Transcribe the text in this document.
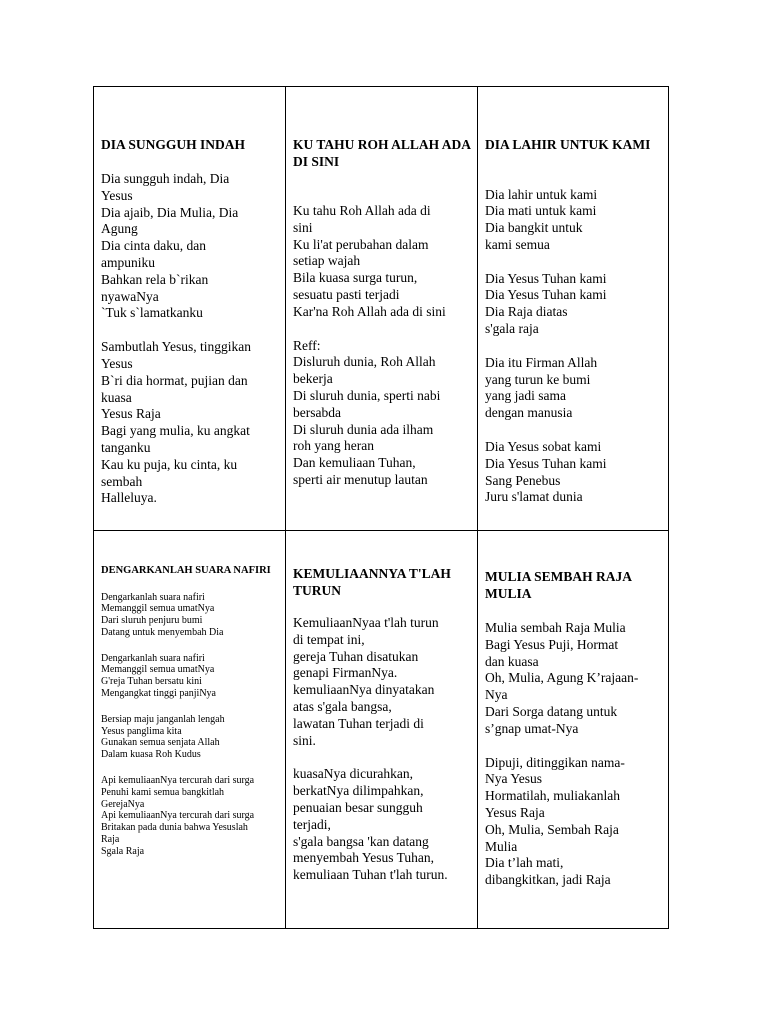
DIA SUNGGUH INDAH
Dia sungguh indah, Dia
Yesus
Dia ajaib, Dia Mulia, Dia
Agung
Dia cinta daku, dan
ampuniku
Bahkan rela b`rikan
nyawaNya
`Tuk s`lamatkanku
Sambutlah Yesus, tinggikan
Yesus
B`ri dia hormat, pujian dan
kuasa
Yesus Raja
Bagi yang mulia, ku angkat
tanganku
Kau ku puja, ku cinta, ku
sembah
Halleluya.
KU TAHU ROH ALLAH ADA DI SINI
Ku tahu Roh Allah ada di
sini
Ku li'at perubahan dalam
setiap wajah
Bila kuasa surga turun,
sesuatu pasti terjadi
Kar'na Roh Allah ada di sini
Reff:
Disluruh dunia, Roh Allah
bekerja
Di sluruh dunia, sperti nabi
bersabda
Di sluruh dunia ada ilham
roh yang heran
Dan kemuliaan Tuhan,
sperti air menutup lautan
DIA LAHIR UNTUK KAMI
Dia lahir untuk kami
Dia mati untuk kami
Dia bangkit untuk
kami semua
Dia Yesus Tuhan kami
Dia Yesus Tuhan kami
Dia Raja diatas
s'gala raja
Dia itu Firman Allah
yang turun ke bumi
yang jadi sama
dengan manusia
Dia Yesus sobat kami
Dia Yesus Tuhan kami
Sang Penebus
Juru s'lamat dunia
DENGARKANLAH SUARA NAFIRI
Dengarkanlah suara nafiri
Memanggil semua umatNya
Dari sluruh penjuru bumi
Datang untuk menyembah Dia
Dengarkanlah suara nafiri
Memanggil semua umatNya
G'reja Tuhan bersatu kini
Mengangkat tinggi panjiNya
Bersiap maju janganlah lengah
Yesus panglima kita
Gunakan semua senjata Allah
Dalam kuasa Roh Kudus
Api kemuliaanNya tercurah dari surga
Penuhi kami semua bangkitlah
GerejaNya
Api kemuliaanNya tercurah dari surga
Britakan pada dunia bahwa Yesuslah
Raja
Sgala Raja
KEMULIAANNYA T'LAH TURUN
KemuliaanNyaa t'lah turun
di tempat ini,
gereja Tuhan disatukan
genapi FirmanNya.
kemuliaanNya dinyatakan
atas s'gala bangsa,
lawatan Tuhan terjadi di
sini.
kuasaNya dicurahkan,
berkatNya dilimpahkan,
penuaian besar sungguh
terjadi,
s'gala bangsa 'kan datang
menyembah Yesus Tuhan,
kemuliaan Tuhan t'lah turun.
MULIA SEMBAH RAJA MULIA
Mulia sembah Raja Mulia
Bagi Yesus Puji, Hormat
dan kuasa
Oh, Mulia, Agung K’rajaan-
Nya
Dari Sorga datang untuk
s’gnap umat-Nya
Dipuji, ditinggikan nama-
Nya Yesus
Hormatilah, muliakanlah
Yesus Raja
Oh, Mulia, Sembah Raja
Mulia
Dia t’lah mati,
dibangkitkan, jadi Raja
